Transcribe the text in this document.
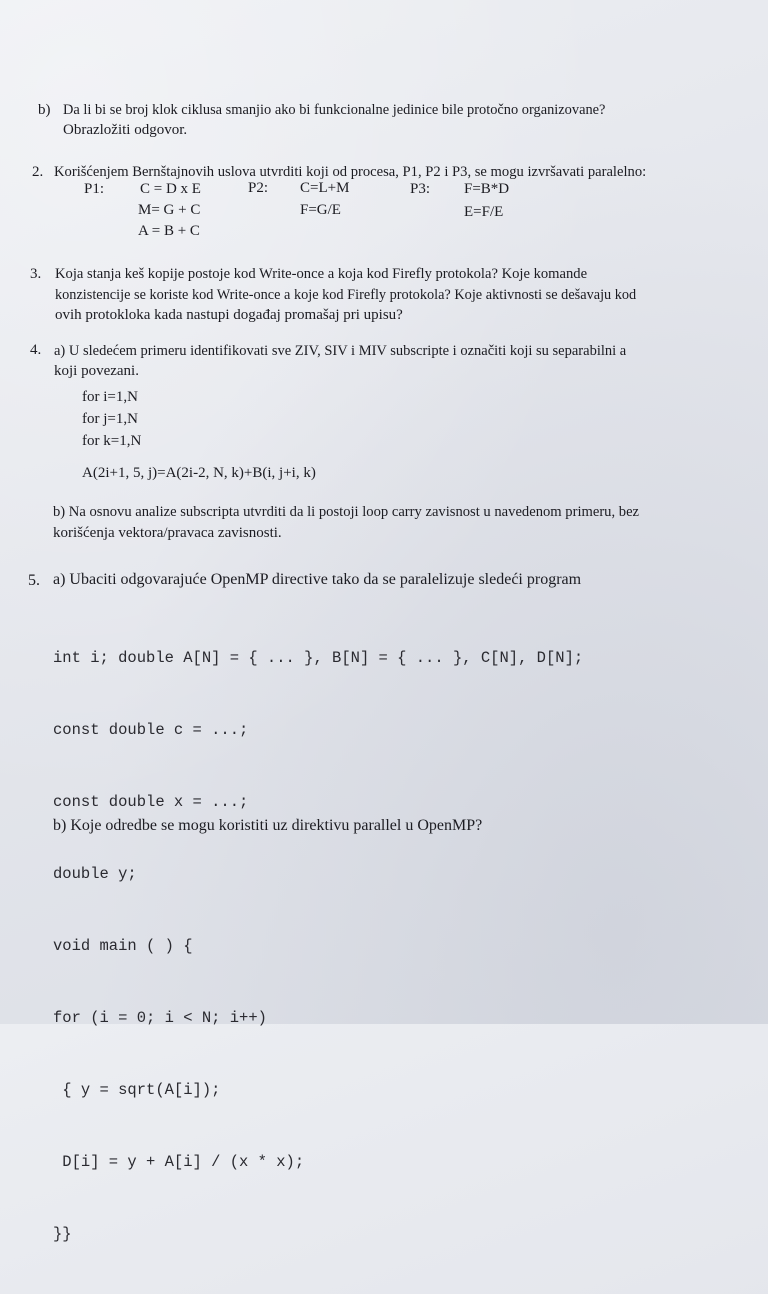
b) Da li bi se broj klok ciklusa smanjio ako bi funkcionalne jedinice bile protočno organizovane?
Obrazložiti odgovor.
2. Korišćenjem Bernštajnovih uslova utvrditi koji od procesa, P1, P2 i P3, se mogu izvršavati paralelno:
P1: C = D x E
M= G + C
A = B + C
P2: C=L+M
F=G/E
P3: F=B*D
E=F/E
3. Koja stanja keš kopije postoje kod Write-once a koja kod Firefly protokola? Koje komande
konzistencije se koriste kod Write-once a koje kod Firefly protokola? Koje aktivnosti se dešavaju kod
ovih protokloka kada nastupi događaj promašaj pri upisu?
4. a) U sledećem primeru identifikovati sve ZIV, SIV i MIV subscripte i označiti koji su separabilni a
koji povezani.
for i=1,N
for j=1,N
for k=1,N
A(2i+1, 5, j)=A(2i-2, N, k)+B(i, j+i, k)
b) Na osnovu analize subscripta utvrditi da li postoji loop carry zavisnost u navedenom primeru, bez
korišćenja vektora/pravaca zavisnosti.
5. a) Ubaciti odgovarajuće OpenMP directive tako da se paralelizuje sledeći program

int i; double A[N] = { ... }, B[N] = { ... }, C[N], D[N];

const double c = ...;

const double x = ...;

double y;

void main ( ) {

for (i = 0; i < N; i++)

{ y = sqrt(A[i]);

D[i] = y + A[i] / (x * x);

}}

b) Koje odredbe se mogu koristiti uz direktivu parallel u OpenMP?
